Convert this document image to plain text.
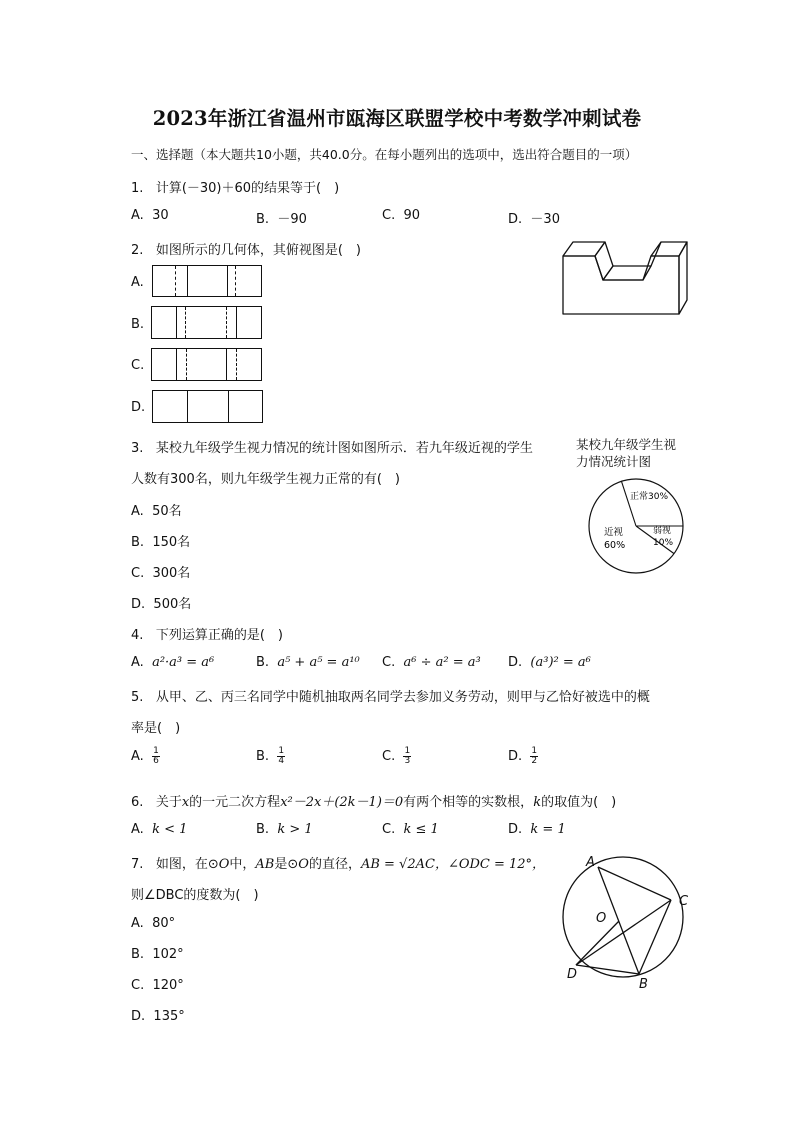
2023年浙江省温州市瓯海区联盟学校中考数学冲刺试卷
一、选择题（本大题共10小题，共40.0分。在每小题列出的选项中，选出符合题目的一项）
1. 计算(－30)＋60的结果等于(　)
A. 30	B. －90	C. 90	D. －30
2. 如图所示的几何体，其俯视图是(　)
A.
B.
C.
D.
3. 某校九年级学生视力情况的统计图如图所示．若九年级近视的学生
人数有300名，则九年级学生视力正常的有(　)
A. 50名
B. 150名
C. 300名
D. 500名
某校九年级学生视
力情况统计图
正常30%
弱视
10%
近视
60%
4. 下列运算正确的是(　)
A. a²·a³ = a⁶	B. a⁵ + a⁵ = a¹⁰ C. a⁶ ÷ a² = a³ D. (a³)² = a⁶
5. 从甲、乙、丙三名同学中随机抽取两名同学去参加义务劳动，则甲与乙恰好被选中的概
率是(　)
A. $\frac{1}{6}$	B. $\frac{1}{4}$	C. $\frac{1}{3}$	D. $\frac{1}{2}$
6. 关于x的一元二次方程x²－2x＋(2k－1)＝0有两个相等的实数根，k的取值为(　)
A. k < 1	B. k > 1	C. k ≤ 1	D. k = 1
7. 如图，在⊙O中，AB是⊙O的直径，AB = √2AC，∠ODC = 12°，
则∠DBC的度数为(　)
A. 80°
B. 102°
C. 120°
D. 135°
A
C
O
D
B
